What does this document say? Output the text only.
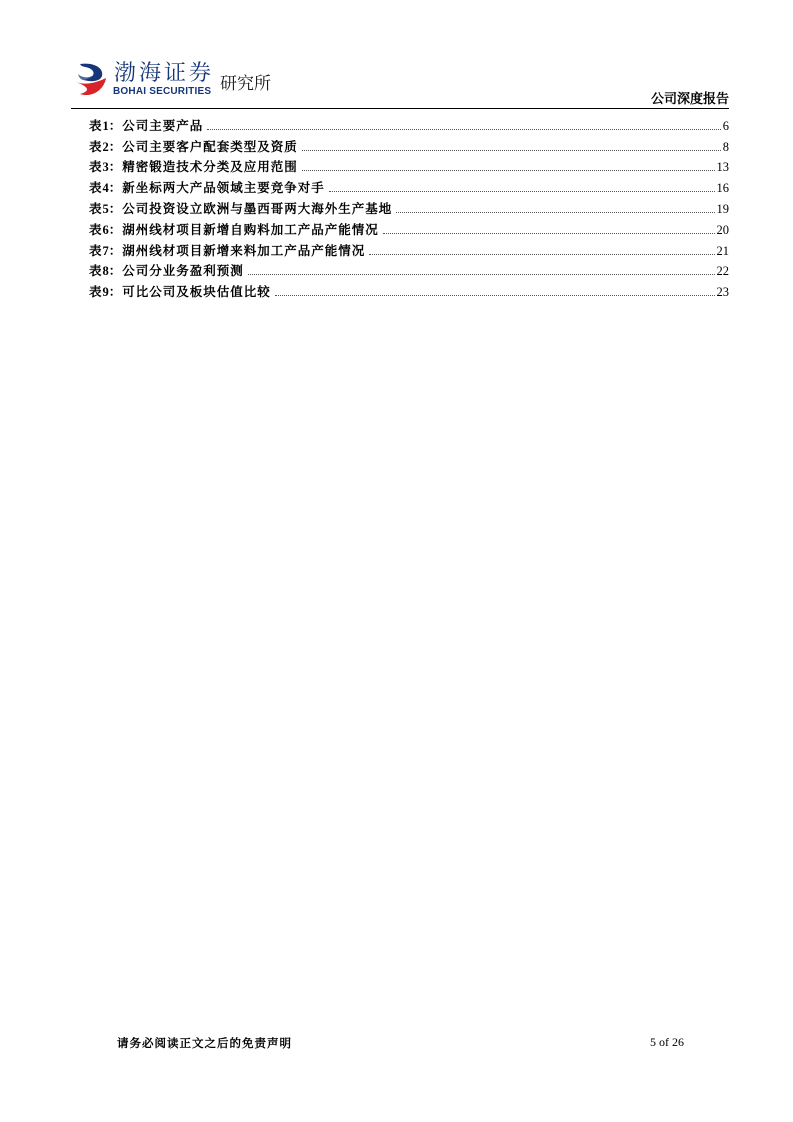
渤海证券
BOHAI SECURITIES 研究所
公司深度报告
表1：公司主要产品	6
表2：公司主要客户配套类型及资质	8
表3：精密锻造技术分类及应用范围	13
表4：新坐标两大产品领域主要竞争对手	16
表5：公司投资设立欧洲与墨西哥两大海外生产基地	19
表6：湖州线材项目新增自购料加工产品产能情况	20
表7：湖州线材项目新增来料加工产品产能情况	21
表8：公司分业务盈利预测	22
表9：可比公司及板块估值比较	23
请务必阅读正文之后的免责声明	5 of 26
